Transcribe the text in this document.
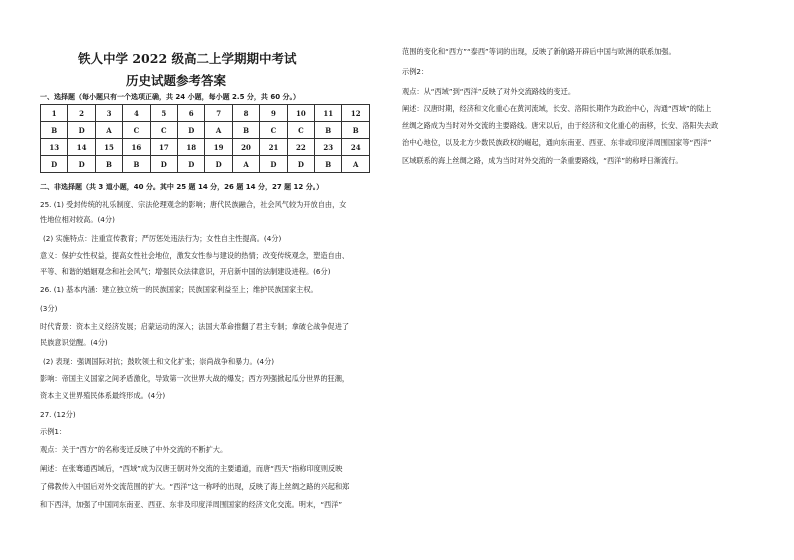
铁人中学 2022 级高二上学期期中考试
历史试题参考答案
一、选择题（每小题只有一个选项正确，共 24 小题，每小题 2.5 分，共 60 分。）
1	2	3	4	5	6	7	8	9	10	11	12
B	D	A	C	C	D	A	B	C	C	B	B
13	14	15	16	17	18	19	20	21	22	23	24
D	D	B	B	D	D	D	A	D	D	B	A
二、非选择题（共 3 道小题，40 分。其中 25 题 14 分，26 题 14 分，27 题 12 分。）
25. (1) 受封传统的礼乐制度、宗法伦理观念的影响；唐代民族融合，社会风气较为开放自由，女
性地位相对较高。(4分)
(2) 实施特点：注重宣传教育；严厉惩处违法行为；女性自主性提高。(4分)
意义：保护女性权益，提高女性社会地位，激发女性参与建设的热情；改变传统观念，塑造自由、
平等、和谐的婚姻观念和社会风气；增强民众法律意识，开启新中国的法制建设进程。(6分)
26. (1) 基本内涵：建立独立统一的民族国家；民族国家利益至上；维护民族国家主权。
(3分)
时代背景：资本主义经济发展；启蒙运动的深入；法国大革命推翻了君主专制；拿破仑战争促进了
民族意识觉醒。(4分)
(2) 表现：强调国际对抗；鼓吹领土和文化扩张；崇尚战争和暴力。(4分)
影响：帝国主义国家之间矛盾激化，导致第一次世界大战的爆发；西方列强掀起瓜分世界的狂潮，
资本主义世界殖民体系最终形成。(4分)
27. (12分)
示例1：
观点：关于“西方”的名称变迁反映了中外交流的不断扩大。
阐述：在张骞通西域后，“西域”成为汉唐王朝对外交流的主要通道，而唐“西天”指称印度则反映
了佛教传入中国后对外交流范围的扩大。“西洋”这一称呼的出现，反映了海上丝绸之路的兴起和郑
和下西洋，加强了中国同东南亚、西亚、东非及印度洋周围国家的经济文化交流。明末，“西洋”
范围的变化和“西方”“泰西”等词的出现，反映了新航路开辟后中国与欧洲的联系加强。
示例2：
观点：从“西域”到“西洋”反映了对外交流路线的变迁。
阐述：汉唐时期，经济和文化重心在黄河流域，长安、洛阳长期作为政治中心，沟通“西域”的陆上
丝绸之路成为当时对外交流的主要路线。唐宋以后，由于经济和文化重心的南移，长安、洛阳失去政
治中心地位，以及北方少数民族政权的崛起，通向东南亚、西亚、东非或印度洋周围国家等“西洋”
区域联系的海上丝绸之路，成为当时对外交流的一条重要路线，“西洋”的称呼日渐流行。
